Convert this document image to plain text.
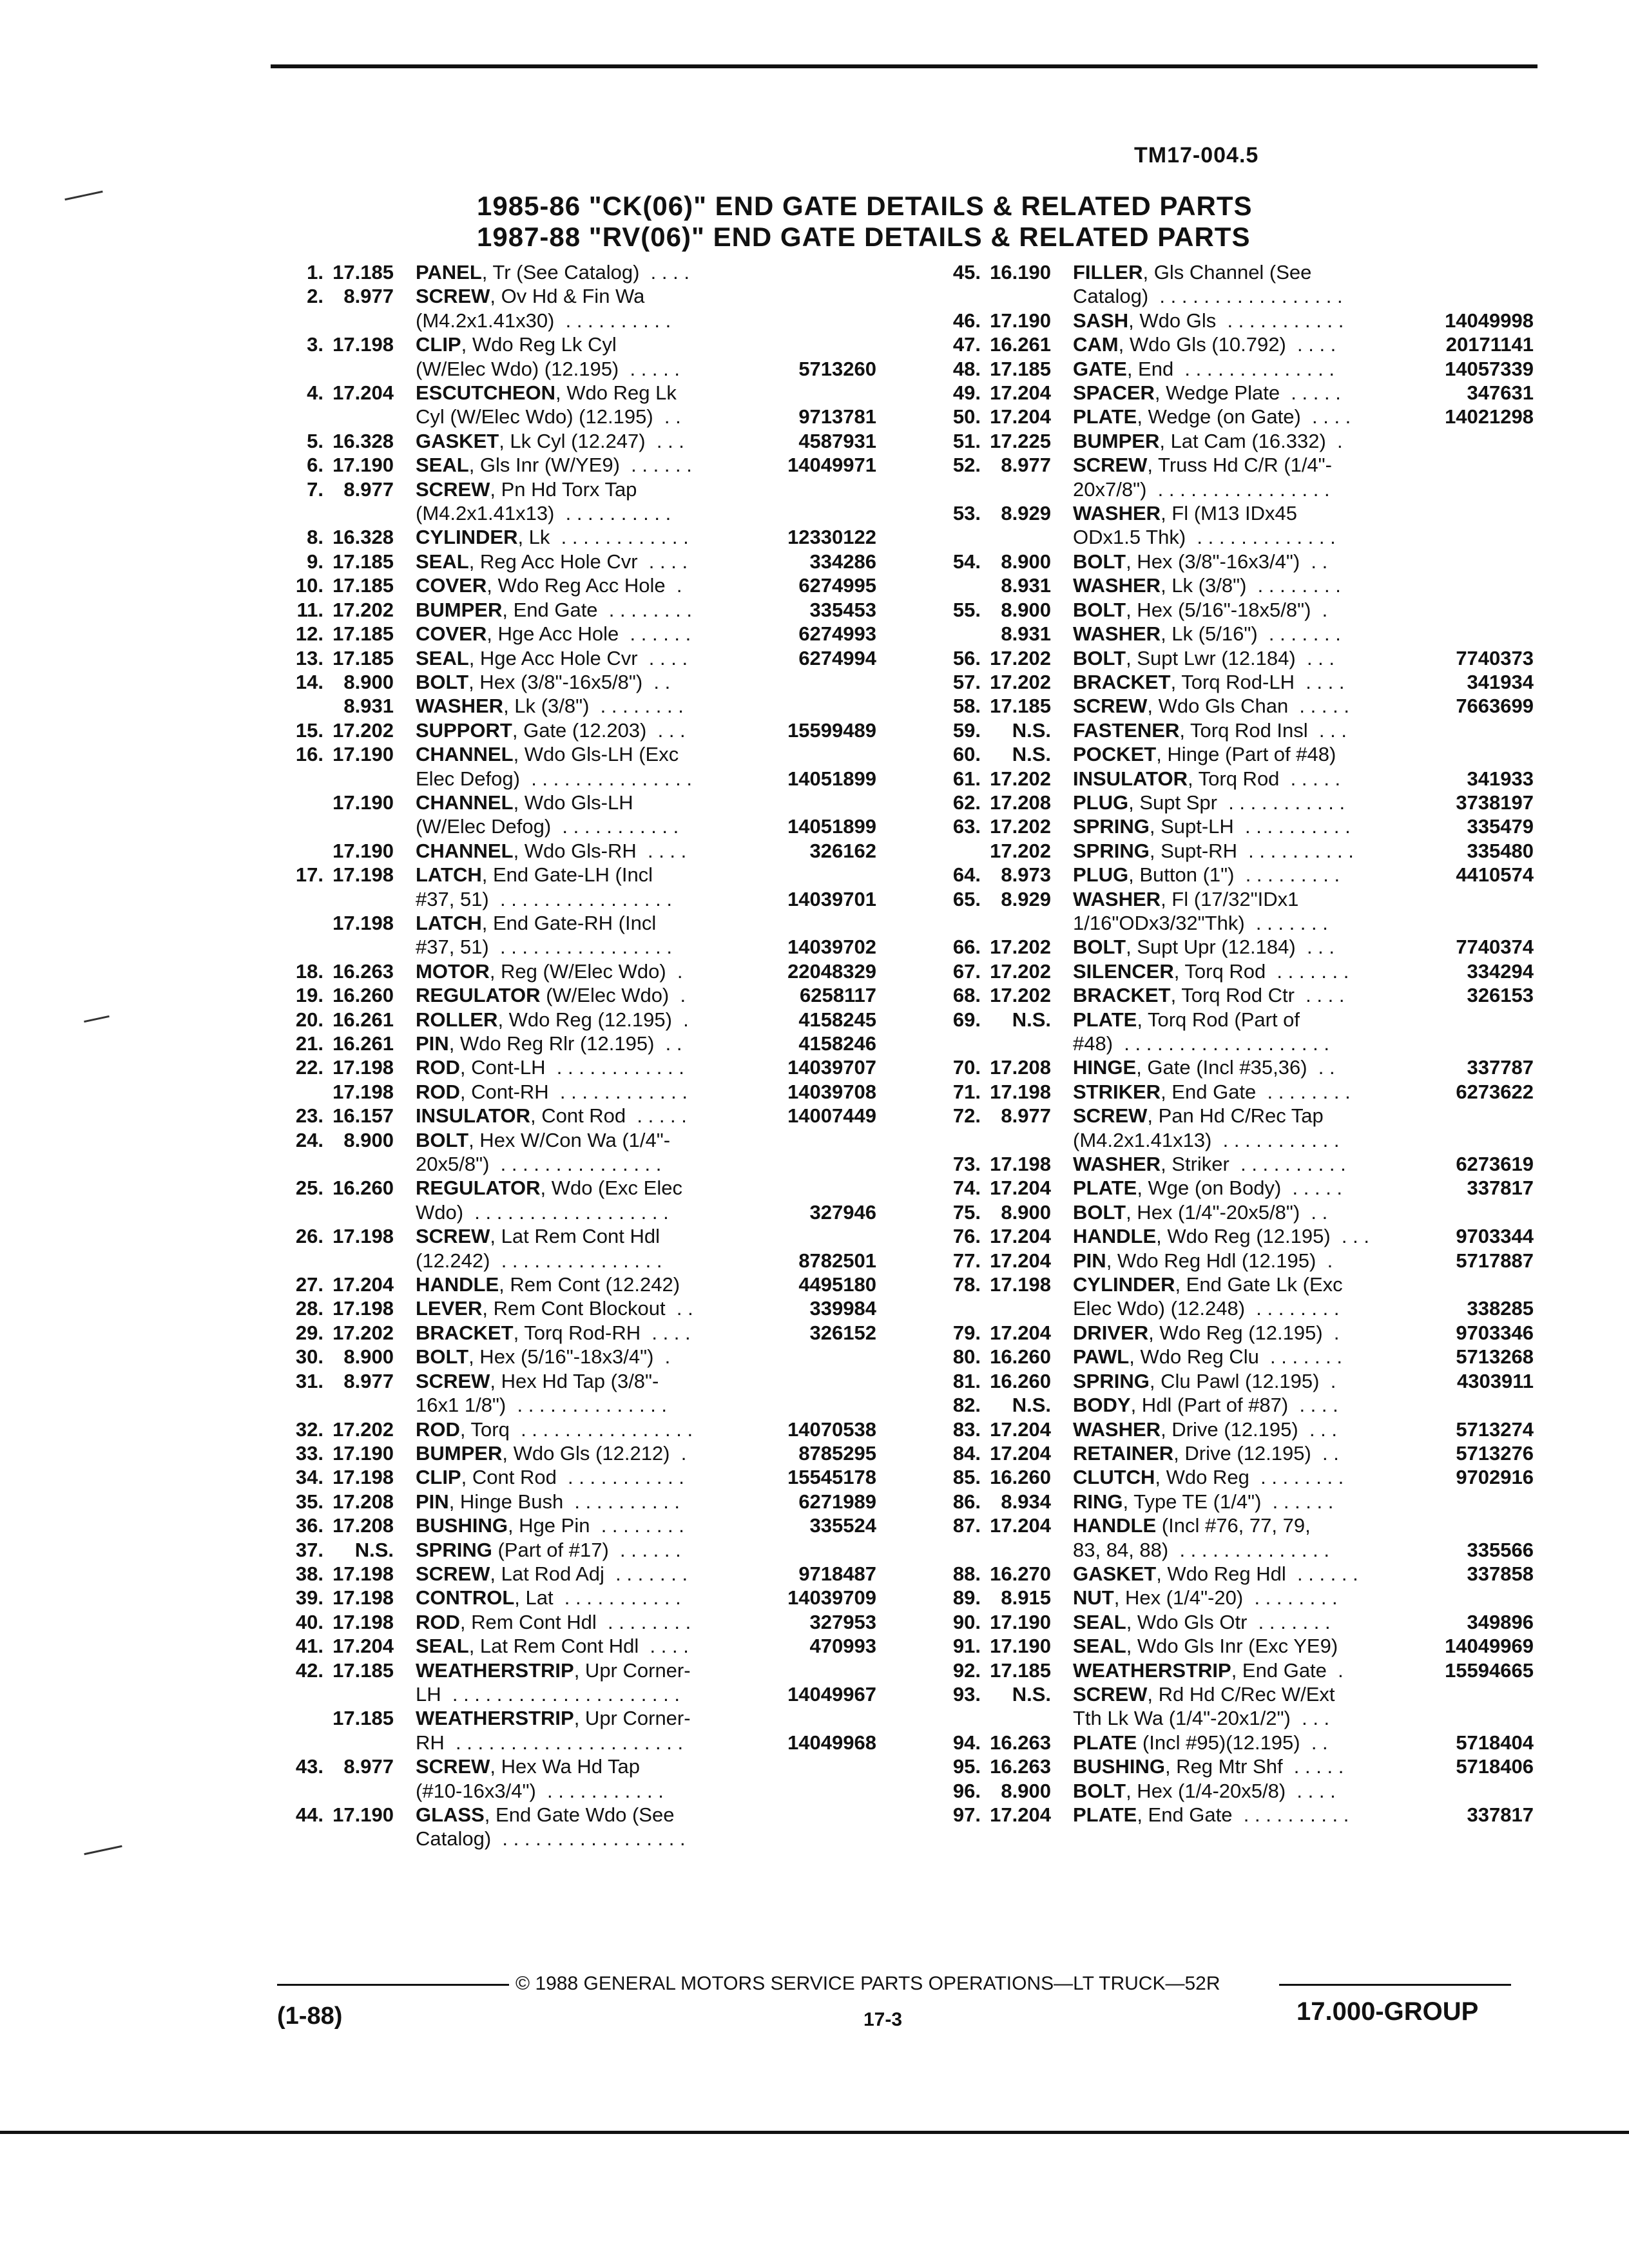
TM17-004.5
1985-86 "CK(06)" END GATE DETAILS & RELATED PARTS
1987-88 "RV(06)" END GATE DETAILS & RELATED PARTS
1. 17.185	PANEL, Tr (See Catalog)  . . . .
2.	8.977	SCREW, Ov Hd & Fin Wa
(M4.2x1.41x30)  . . . . . . . . . .
3. 17.198	CLIP, Wdo Reg Lk Cyl
(W/Elec Wdo) (12.195)  . . . . .	5713260
4. 17.204	ESCUTCHEON, Wdo Reg Lk
Cyl (W/Elec Wdo) (12.195)  . .	9713781
5. 16.328	GASKET, Lk Cyl (12.247)  . . .	4587931
6. 17.190	SEAL, Gls Inr (W/YE9)  . . . . . .	14049971
7.	8.977	SCREW, Pn Hd Torx Tap
(M4.2x1.41x13)  . . . . . . . . . .
8. 16.328	CYLINDER, Lk  . . . . . . . . . . . .	12330122
9. 17.185	SEAL, Reg Acc Hole Cvr  . . . .	334286
10. 17.185	COVER, Wdo Reg Acc Hole  .	6274995
11. 17.202	BUMPER, End Gate  . . . . . . . .	335453
12. 17.185	COVER, Hge Acc Hole  . . . . . .	6274993
13. 17.185	SEAL, Hge Acc Hole Cvr  . . . .	6274994
14.	8.900	BOLT, Hex (3/8"-16x5/8")  . .
8.931	WASHER, Lk (3/8")  . . . . . . . .
15. 17.202	SUPPORT, Gate (12.203)  . . .	15599489
16. 17.190	CHANNEL, Wdo Gls-LH (Exc
Elec Defog)  . . . . . . . . . . . . . . .	14051899
17.190	CHANNEL, Wdo Gls-LH
(W/Elec Defog)  . . . . . . . . . . .	14051899
17.190	CHANNEL, Wdo Gls-RH  . . . .	326162
17. 17.198	LATCH, End Gate-LH (Incl
#37, 51)  . . . . . . . . . . . . . . . .	14039701
17.198	LATCH, End Gate-RH (Incl
#37, 51)  . . . . . . . . . . . . . . . .	14039702
18. 16.263	MOTOR, Reg (W/Elec Wdo)  .	22048329
19. 16.260	REGULATOR (W/Elec Wdo)  .	6258117
20. 16.261	ROLLER, Wdo Reg (12.195)  .	4158245
21. 16.261	PIN, Wdo Reg Rlr (12.195)  . .	4158246
22. 17.198	ROD, Cont-LH  . . . . . . . . . . . .	14039707
17.198	ROD, Cont-RH  . . . . . . . . . . . .	14039708
23. 16.157	INSULATOR, Cont Rod  . . . . .	14007449
24.	8.900	BOLT, Hex W/Con Wa (1/4"-
20x5/8")  . . . . . . . . . . . . . . .
25. 16.260	REGULATOR, Wdo (Exc Elec
Wdo)  . . . . . . . . . . . . . . . . . .	327946
26. 17.198	SCREW, Lat Rem Cont Hdl
(12.242)  . . . . . . . . . . . . . . .	8782501
27. 17.204	HANDLE, Rem Cont (12.242)	4495180
28. 17.198	LEVER, Rem Cont Blockout  . .	339984
29. 17.202	BRACKET, Torq Rod-RH  . . . .	326152
30.	8.900	BOLT, Hex (5/16"-18x3/4")  .
31.	8.977	SCREW, Hex Hd Tap (3/8"-
16x1 1/8")  . . . . . . . . . . . . . .
32. 17.202	ROD, Torq  . . . . . . . . . . . . . . . .	14070538
33. 17.190	BUMPER, Wdo Gls (12.212)  .	8785295
34. 17.198	CLIP, Cont Rod  . . . . . . . . . . .	15545178
35. 17.208	PIN, Hinge Bush  . . . . . . . . . .	6271989
36. 17.208	BUSHING, Hge Pin  . . . . . . . .	335524
37.	N.S.	SPRING (Part of #17)  . . . . . .
38. 17.198	SCREW, Lat Rod Adj  . . . . . . .	9718487
39. 17.198	CONTROL, Lat  . . . . . . . . . . .	14039709
40. 17.198	ROD, Rem Cont Hdl  . . . . . . . .	327953
41. 17.204	SEAL, Lat Rem Cont Hdl  . . . .	470993
42. 17.185	WEATHERSTRIP, Upr Corner-
LH  . . . . . . . . . . . . . . . . . . . . .	14049967
17.185	WEATHERSTRIP, Upr Corner-
RH  . . . . . . . . . . . . . . . . . . . . .	14049968
43.	8.977	SCREW, Hex Wa Hd Tap
(#10-16x3/4")  . . . . . . . . . . .
44. 17.190	GLASS, End Gate Wdo (See
Catalog)  . . . . . . . . . . . . . . . . .
45. 16.190	FILLER, Gls Channel (See
Catalog)  . . . . . . . . . . . . . . . . .
46. 17.190	SASH, Wdo Gls  . . . . . . . . . . .	14049998
47. 16.261	CAM, Wdo Gls (10.792)  . . . .	20171141
48. 17.185	GATE, End  . . . . . . . . . . . . . .	14057339
49. 17.204	SPACER, Wedge Plate  . . . . .	347631
50. 17.204	PLATE, Wedge (on Gate)  . . . .	14021298
51. 17.225	BUMPER, Lat Cam (16.332)  .
52.	8.977	SCREW, Truss Hd C/R (1/4"-
20x7/8")  . . . . . . . . . . . . . . . .
53.	8.929	WASHER, Fl (M13 IDx45
ODx1.5 Thk)  . . . . . . . . . . . . .
54.	8.900	BOLT, Hex (3/8"-16x3/4")  . .
8.931	WASHER, Lk (3/8")  . . . . . . . .
55.	8.900	BOLT, Hex (5/16"-18x5/8")  .
8.931	WASHER, Lk (5/16")  . . . . . . .
56. 17.202	BOLT, Supt Lwr (12.184)  . . .	7740373
57. 17.202	BRACKET, Torq Rod-LH  . . . .	341934
58. 17.185	SCREW, Wdo Gls Chan  . . . . .	7663699
59.	N.S.	FASTENER, Torq Rod Insl  . . .
60.	N.S.	POCKET, Hinge (Part of #48)
61. 17.202	INSULATOR, Torq Rod  . . . . .	341933
62. 17.208	PLUG, Supt Spr  . . . . . . . . . . .	3738197
63. 17.202	SPRING, Supt-LH  . . . . . . . . . .	335479
17.202	SPRING, Supt-RH  . . . . . . . . . .	335480
64.	8.973	PLUG, Button (1")  . . . . . . . . .	4410574
65.	8.929	WASHER, Fl (17/32"IDx1
1/16"ODx3/32"Thk)  . . . . . . .
66. 17.202	BOLT, Supt Upr (12.184)  . . .	7740374
67. 17.202	SILENCER, Torq Rod  . . . . . . .	334294
68. 17.202	BRACKET, Torq Rod Ctr  . . . .	326153
69.	N.S.	PLATE, Torq Rod (Part of
#48)  . . . . . . . . . . . . . . . . . . .
70. 17.208	HINGE, Gate (Incl #35,36)  . .	337787
71. 17.198	STRIKER, End Gate  . . . . . . . .	6273622
72.	8.977	SCREW, Pan Hd C/Rec Tap
(M4.2x1.41x13)  . . . . . . . . . . .
73. 17.198	WASHER, Striker  . . . . . . . . . .	6273619
74. 17.204	PLATE, Wge (on Body)  . . . . .	337817
75.	8.900	BOLT, Hex (1/4"-20x5/8")  . .
76. 17.204	HANDLE, Wdo Reg (12.195)  . . .	9703344
77. 17.204	PIN, Wdo Reg Hdl (12.195)  .	5717887
78. 17.198	CYLINDER, End Gate Lk (Exc
Elec Wdo) (12.248)  . . . . . . . .	338285
79. 17.204	DRIVER, Wdo Reg (12.195)  .	9703346
80. 16.260	PAWL, Wdo Reg Clu  . . . . . . .	5713268
81. 16.260	SPRING, Clu Pawl (12.195)  .	4303911
82.	N.S.	BODY, Hdl (Part of #87)  . . . .
83. 17.204	WASHER, Drive (12.195)  . . .	5713274
84. 17.204	RETAINER, Drive (12.195)  . .	5713276
85. 16.260	CLUTCH, Wdo Reg  . . . . . . . .	9702916
86.	8.934	RING, Type TE (1/4")  . . . . . .
87. 17.204	HANDLE (Incl #76, 77, 79,
83, 84, 88)  . . . . . . . . . . . . . .	335566
88. 16.270	GASKET, Wdo Reg Hdl  . . . . . .	337858
89.	8.915	NUT, Hex (1/4"-20)  . . . . . . . .
90. 17.190	SEAL, Wdo Gls Otr  . . . . . . .	349896
91. 17.190	SEAL, Wdo Gls Inr (Exc YE9)	14049969
92. 17.185	WEATHERSTRIP, End Gate  .	15594665
93.	N.S.	SCREW, Rd Hd C/Rec W/Ext
Tth Lk Wa (1/4"-20x1/2")  . . .
94. 16.263	PLATE (Incl #95)(12.195)  . .	5718404
95. 16.263	BUSHING, Reg Mtr Shf  . . . . .	5718406
96.	8.900	BOLT, Hex (1/4-20x5/8)  . . . .
97. 17.204	PLATE, End Gate  . . . . . . . . . .	337817
© 1988 GENERAL MOTORS SERVICE PARTS OPERATIONS—LT TRUCK—52R
(1-88)	17-3	17.000-GROUP
